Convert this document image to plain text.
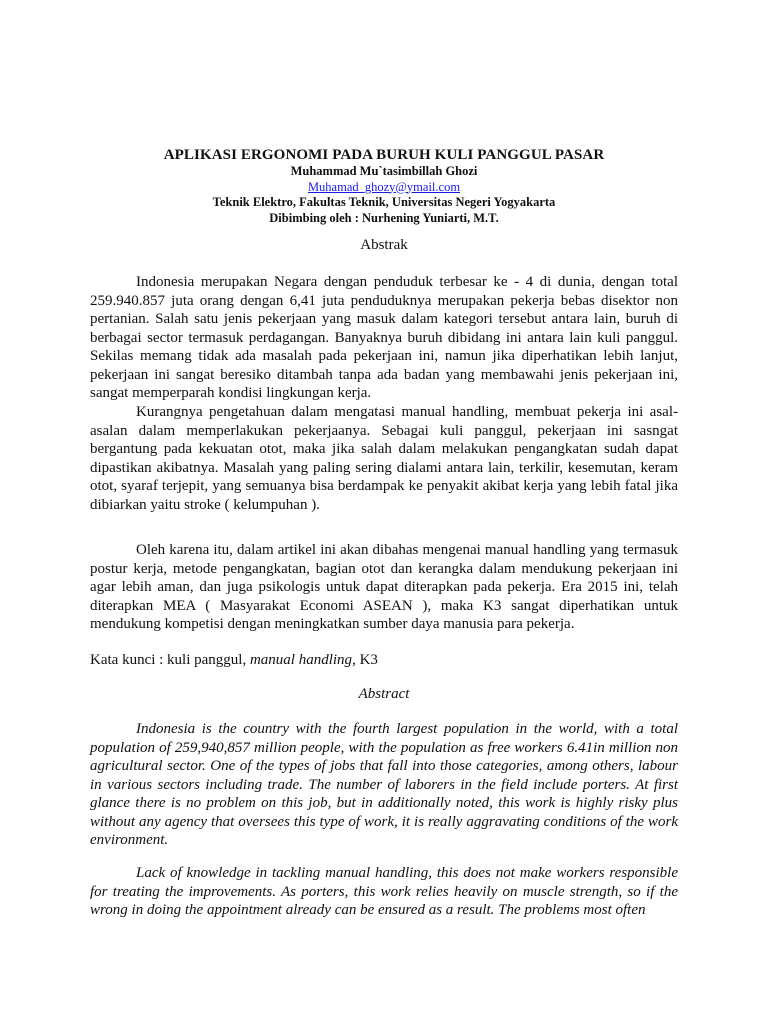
APLIKASI ERGONOMI PADA BURUH KULI PANGGUL PASAR

Muhammad Mu`tasimbillah Ghozi

Muhamad_ghozy@ymail.com

Teknik Elektro, Fakultas Teknik, Universitas Negeri Yogyakarta

Dibimbing oleh : Nurhening Yuniarti, M.T.

Abstrak

Indonesia merupakan Negara dengan penduduk terbesar ke - 4 di dunia, dengan total 259.940.857 juta orang dengan 6,41 juta penduduknya merupakan pekerja bebas disektor non pertanian. Salah satu jenis pekerjaan yang masuk dalam kategori tersebut antara lain, buruh di berbagai sector termasuk perdagangan. Banyaknya buruh dibidang ini antara lain kuli panggul. Sekilas memang tidak ada masalah pada pekerjaan ini, namun jika diperhatikan lebih lanjut, pekerjaan ini sangat beresiko ditambah tanpa ada badan yang membawahi jenis pekerjaan ini, sangat memperparah kondisi lingkungan kerja.

Kurangnya pengetahuan dalam mengatasi manual handling, membuat pekerja ini asal-asalan dalam memperlakukan pekerjaanya. Sebagai kuli panggul, pekerjaan ini sasngat bergantung pada kekuatan otot, maka jika salah dalam melakukan pengangkatan sudah dapat dipastikan akibatnya. Masalah yang paling sering dialami antara lain, terkilir, kesemutan, keram otot, syaraf terjepit, yang semuanya bisa berdampak ke penyakit akibat kerja yang lebih fatal jika dibiarkan yaitu stroke ( kelumpuhan ).

Oleh karena itu, dalam artikel ini akan dibahas mengenai manual handling yang termasuk postur kerja, metode pengangkatan, bagian otot dan kerangka dalam mendukung pekerjaan ini agar lebih aman, dan juga psikologis untuk dapat diterapkan pada pekerja. Era 2015 ini, telah diterapkan MEA ( Masyarakat Economi ASEAN ), maka K3 sangat diperhatikan untuk mendukung kompetisi dengan meningkatkan sumber daya manusia para pekerja.

Kata kunci : kuli panggul, manual handling, K3

Abstract

Indonesia is the country with the fourth largest population in the world, with a total population of 259,940,857 million people, with the population as free workers 6.41in million non agricultural sector. One of the types of jobs that fall into those categories, among others, labour in various sectors including trade. The number of laborers in the field include porters. At first glance there is no problem on this job, but in additionally noted, this work is highly risky plus without any agency that oversees this type of work, it is really aggravating conditions of the work environment.

Lack of knowledge in tackling manual handling, this does not make workers responsible for treating the improvements. As porters, this work relies heavily on muscle strength, so if the wrong in doing the appointment already can be ensured as a result. The problems most often
